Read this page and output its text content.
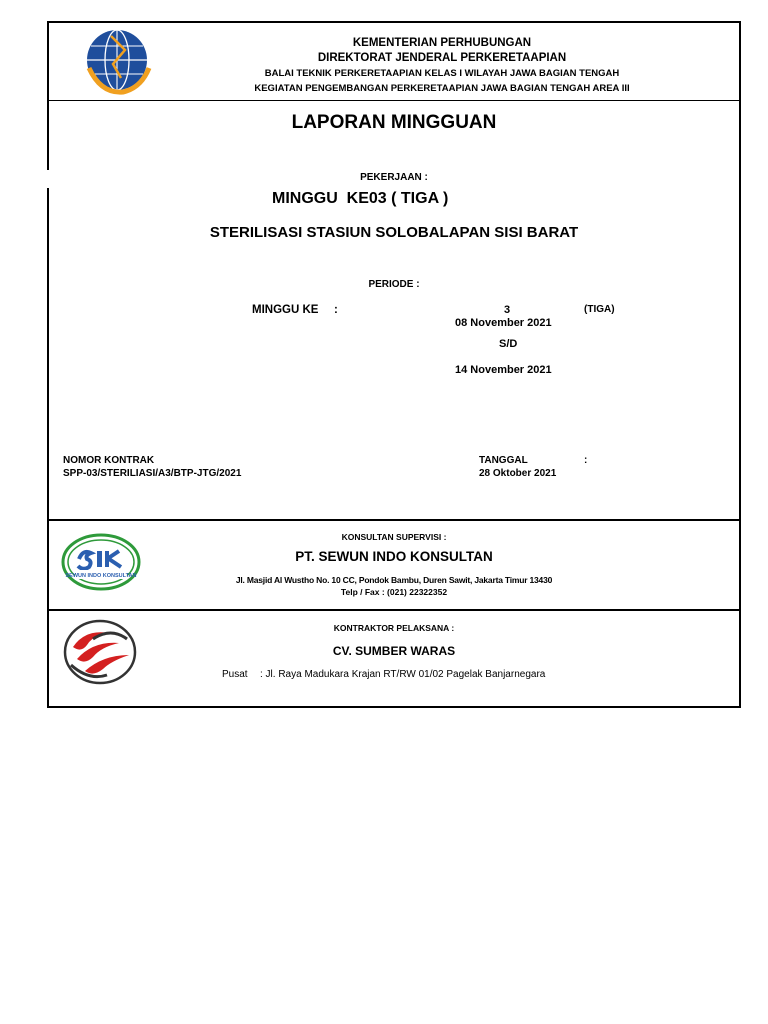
KEMENTERIAN PERHUBUNGAN
DIREKTORAT JENDERAL PERKERETAAPIAN
BALAI TEKNIK PERKERETAAPIAN KELAS I WILAYAH JAWA BAGIAN TENGAH
KEGIATAN PENGEMBANGAN PERKERETAAPIAN JAWA BAGIAN TENGAH AREA III
LAPORAN MINGGUAN
PEKERJAAN :
MINGGU  KE03 ( TIGA )
STERILISASI STASIUN SOLOBALAPAN SISI BARAT
PERIODE :
MINGGU KE :	3	(TIGA)
08 November 2021
S/D
14 November 2021
NOMOR KONTRAK
SPP-03/STERILIASI/A3/BTP-JTG/2021
TANGGAL	:
28 Oktober 2021
SEWUN INDO KONSULTAN
KONSULTAN SUPERVISI :
PT. SEWUN INDO KONSULTAN
Jl. Masjid Al Wustho No. 10 CC, Pondok Bambu, Duren Sawit, Jakarta Timur 13430
Telp / Fax : (021) 22322352
KONTRAKTOR PELAKSANA :
CV. SUMBER WARAS
Pusat : Jl. Raya Madukara Krajan RT/RW 01/02 Pagelak Banjarnegara
